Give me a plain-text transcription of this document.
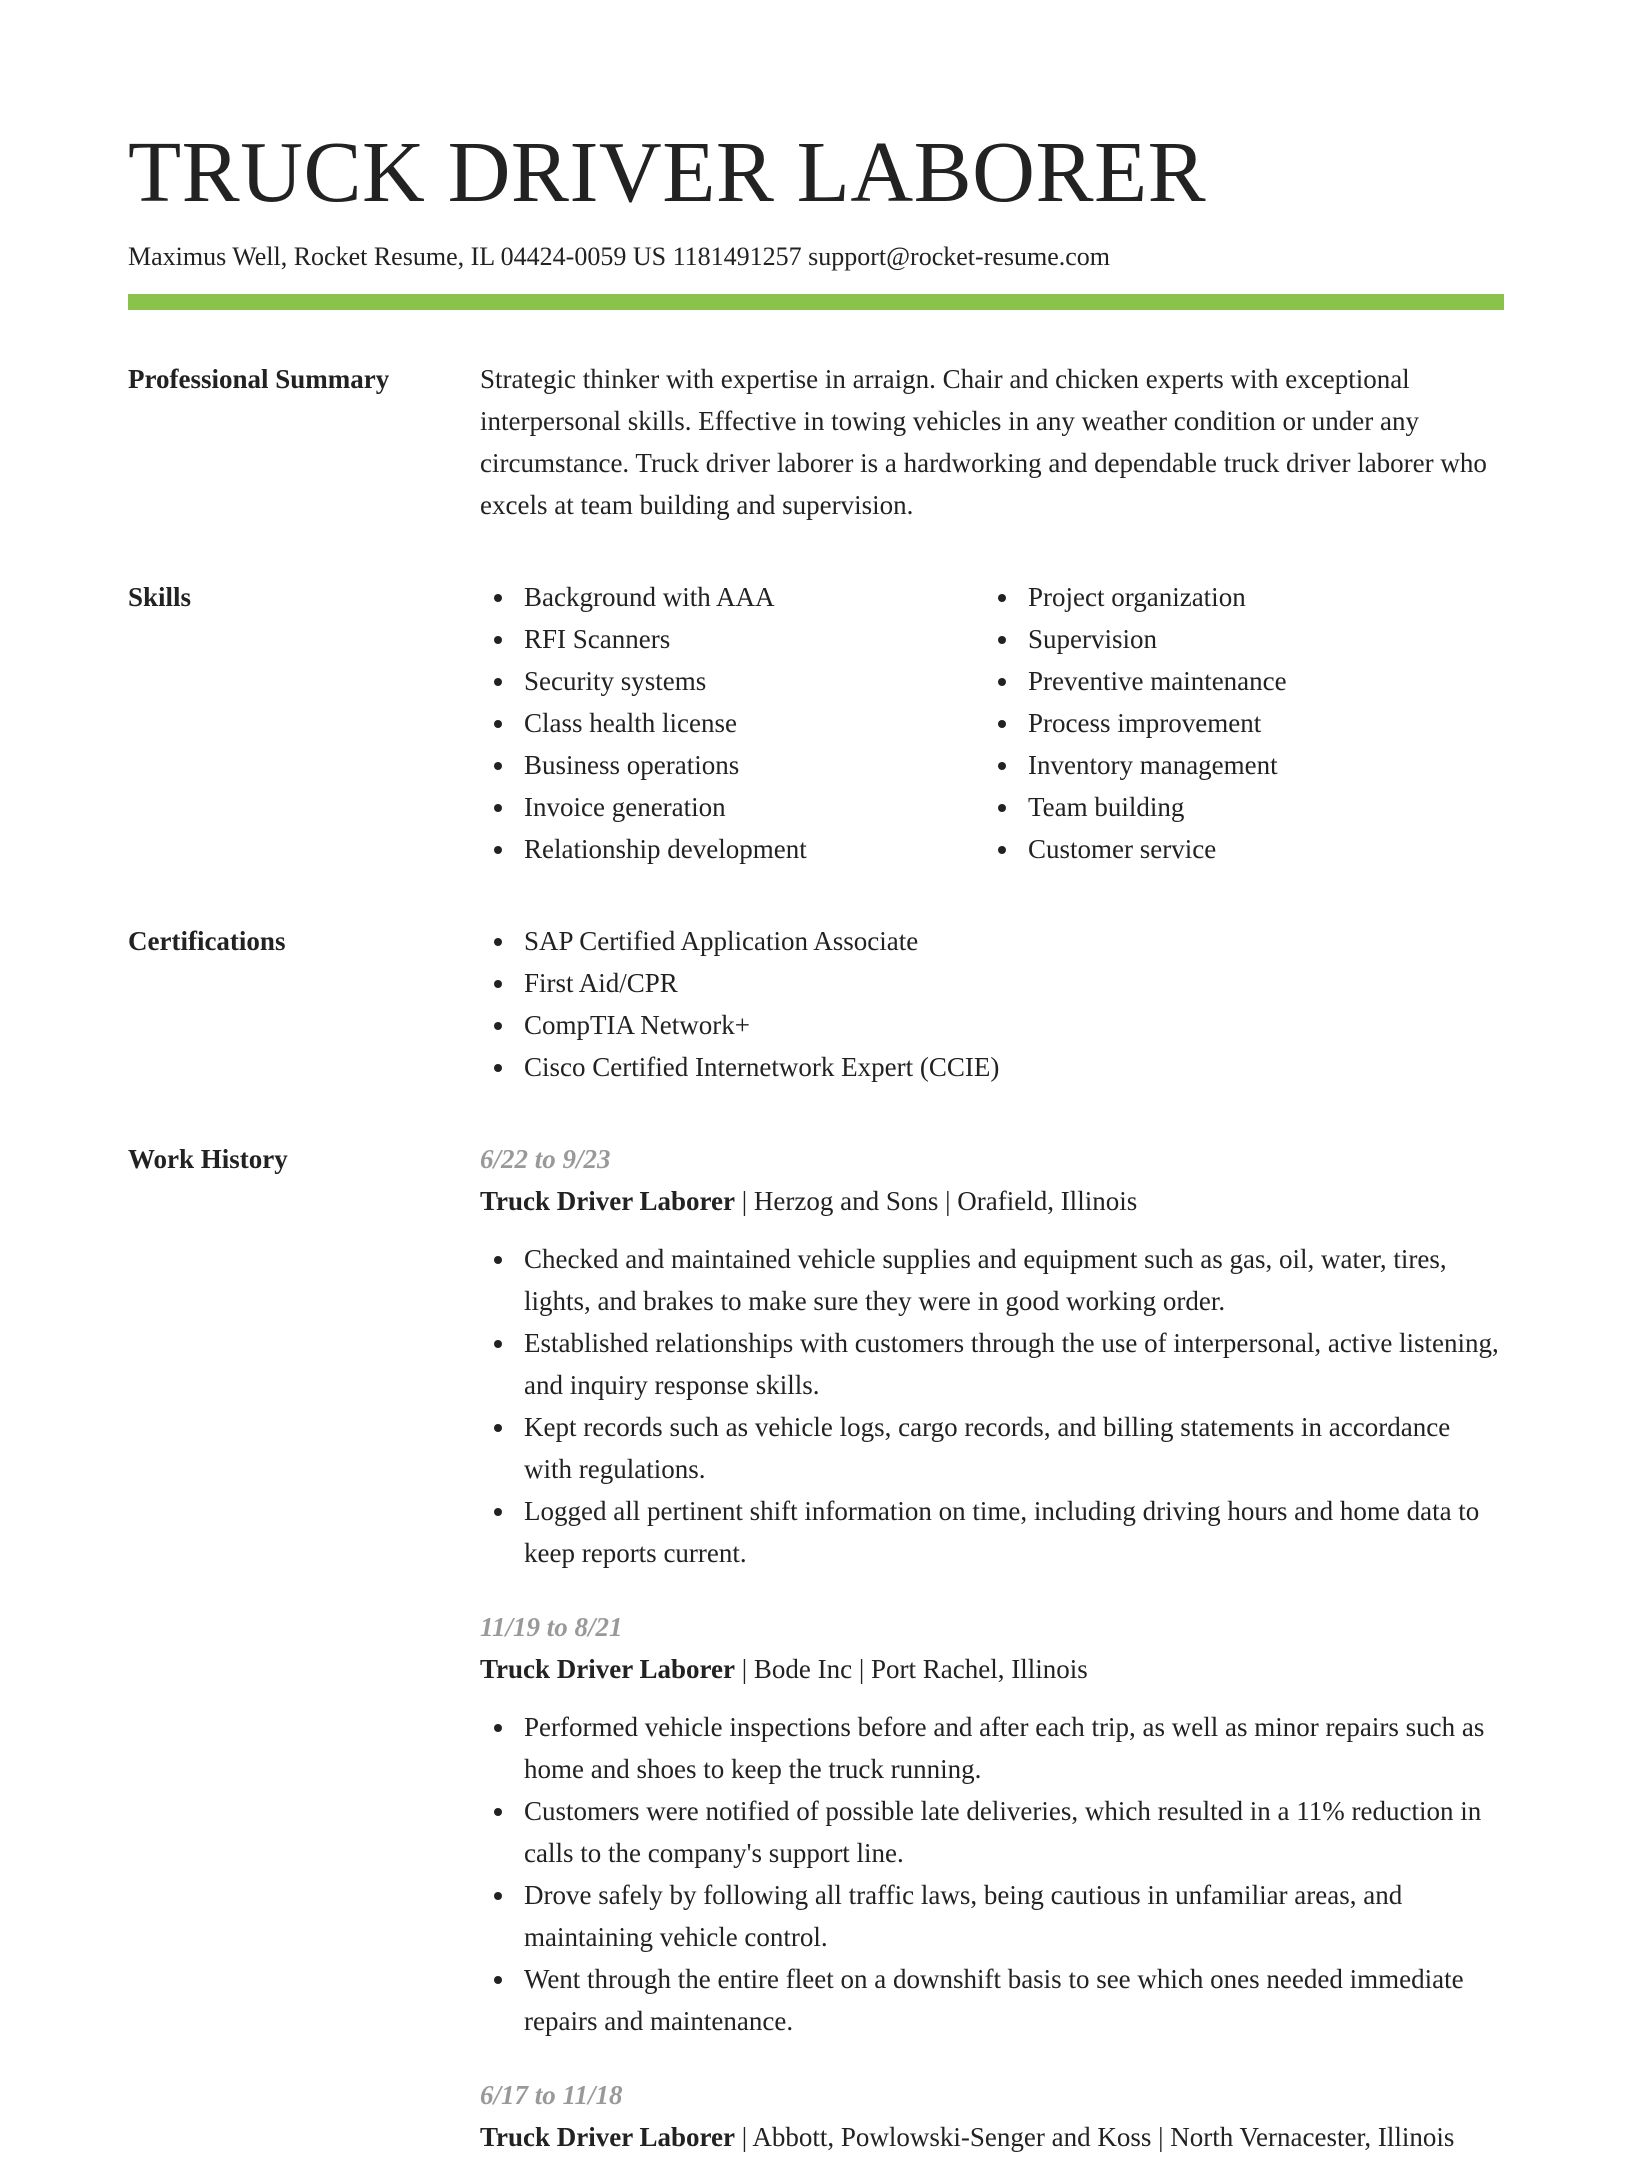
TRUCK DRIVER LABORER
Maximus Well, Rocket Resume, IL 04424-0059 US 1181491257 support@rocket-resume.com
Professional Summary	Strategic thinker with expertise in arraign. Chair and chicken experts with exceptional interpersonal skills. Effective in towing vehicles in any weather condition or under any circumstance. Truck driver laborer is a hardworking and dependable truck driver laborer who excels at team building and supervision.

Skills	Background with AAA
RFI Scanners
Security systems
Class health license
Business operations
Invoice generation
Relationship development
Project organization
Supervision
Preventive maintenance
Process improvement
Inventory management
Team building
Customer service
Certifications	SAP Certified Application Associate
First Aid/CPR
CompTIA Network+
Cisco Certified Internetwork Expert (CCIE)
Work History	6/22 to 9/23
Truck Driver Laborer | Herzog and Sons | Orafield, Illinois
Checked and maintained vehicle supplies and equipment such as gas, oil, water, tires, lights, and brakes to make sure they were in good working order.
Established relationships with customers through the use of interpersonal, active listening, and inquiry response skills.
Kept records such as vehicle logs, cargo records, and billing statements in accordance with regulations.
Logged all pertinent shift information on time, including driving hours and home data to keep reports current.
11/19 to 8/21
Truck Driver Laborer | Bode Inc | Port Rachel, Illinois
Performed vehicle inspections before and after each trip, as well as minor repairs such as home and shoes to keep the truck running.
Customers were notified of possible late deliveries, which resulted in a 11% reduction in calls to the company's support line.
Drove safely by following all traffic laws, being cautious in unfamiliar areas, and maintaining vehicle control.
Went through the entire fleet on a downshift basis to see which ones needed immediate repairs and maintenance.
6/17 to 11/18
Truck Driver Laborer | Abbott, Powlowski-Senger and Koss | North Vernacester, Illinois
